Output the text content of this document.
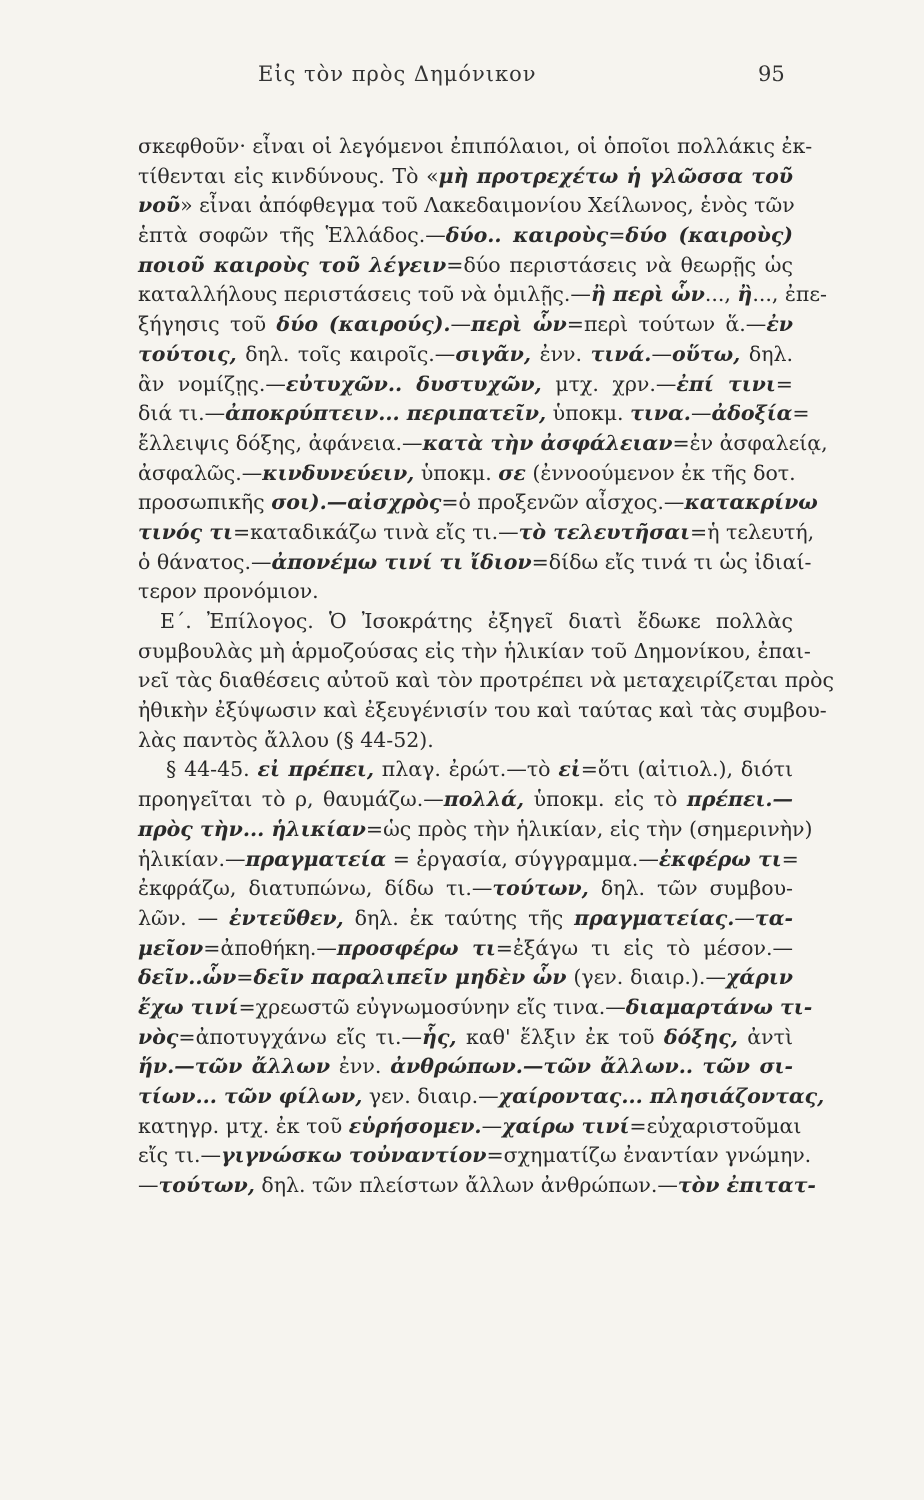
Εἰς τὸν πρὸς Δημόνικον	95
σκεφθοῦν· εἶναι οἱ λεγόμενοι ἐπιπόλαιοι, οἱ ὁποῖοι πολλάκις ἐκ-
τίθενται εἰς κινδύνους. Τὸ «μὴ προτρεχέτω ἡ γλῶσσα τοῦ
νοῦ» εἶναι ἀπόφθεγμα τοῦ Λακεδαιμονίου Χείλωνος, ἑνὸς τῶν
ἑπτὰ σοφῶν τῆς Ἑλλάδος.—δύο.. καιροὺς=δύο (καιροὺς)
ποιοῦ καιροὺς τοῦ λέγειν=δύο περιστάσεις νὰ θεωρῇς ὡς
καταλλήλους περιστάσεις τοῦ νὰ ὁμιλῇς.—ἢ περὶ ὧν..., ἢ..., ἐπε-
ξήγησις τοῦ δύο (καιρούς).—περὶ ὧν=περὶ τούτων ἅ.—ἐν
τούτοις, δηλ. τοῖς καιροῖς.—σιγᾶν, ἐνν. τινά.—οὕτω, δηλ.
ἂν νομίζῃς.—εὐτυχῶν.. δυστυχῶν, μτχ. χρν.—ἐπί τινι=
διά τι.—ἀποκρύπτειν... περιπατεῖν, ὑποκμ. τινα.—ἀδοξία=
ἔλλειψις δόξης, ἀφάνεια.—κατὰ τὴν ἀσφάλειαν=ἐν ἀσφαλείᾳ,
ἀσφαλῶς.—κινδυνεύειν, ὑποκμ. σε (ἐννοούμενον ἐκ τῆς δοτ.
προσωπικῆς σοι).—αἰσχρὸς=ὁ προξενῶν αἶσχος.—κατακρίνω
τινός τι=καταδικάζω τινὰ εἴς τι.—τὸ τελευτῆσαι=ἡ τελευτή,
ὁ θάνατος.—ἀπονέμω τινί τι ἴδιον=δίδω εἴς τινά τι ὡς ἰδιαί-
τερον προνόμιον.
Ε΄. Ἐπίλογος. Ὁ Ἰσοκράτης ἐξηγεῖ διατὶ ἔδωκε πολλὰς
συμβουλὰς μὴ ἁρμοζούσας εἰς τὴν ἡλικίαν τοῦ Δημονίκου, ἐπαι-
νεῖ τὰς διαθέσεις αὐτοῦ καὶ τὸν προτρέπει νὰ μεταχειρίζεται πρὸς
ἠθικὴν ἐξύψωσιν καὶ ἐξευγένισίν του καὶ ταύτας καὶ τὰς συμβου-
λὰς παντὸς ἄλλου (§ 44-52).
§ 44-45. εἰ πρέπει, πλαγ. ἐρώτ.—τὸ εἰ=ὅτι (αἰτιολ.), διότι
προηγεῖται τὸ ρ, θαυμάζω.—πολλά, ὑποκμ. εἰς τὸ πρέπει.—
πρὸς τὴν... ἡλικίαν=ὡς πρὸς τὴν ἡλικίαν, εἰς τὴν (σημερινὴν)
ἡλικίαν.—πραγματεία = ἐργασία, σύγγραμμα.—ἐκφέρω τι=
ἐκφράζω, διατυπώνω, δίδω τι.—τούτων, δηλ. τῶν συμβου-
λῶν. — ἐντεῦθεν, δηλ. ἐκ ταύτης τῆς πραγματείας.—τα-
μεῖον=ἀποθήκη.—προσφέρω τι=ἐξάγω τι εἰς τὸ μέσον.—
δεῖν..ὧν=δεῖν παραλιπεῖν μηδὲν ὧν (γεν. διαιρ.).—χάριν
ἔχω τινί=χρεωστῶ εὐγνωμοσύνην εἴς τινα.—διαμαρτάνω τι-
νὸς=ἀποτυγχάνω εἴς τι.—ἧς, καθ' ἕλξιν ἐκ τοῦ δόξης, ἀντὶ
ἥν.—τῶν ἄλλων ἐνν. ἀνθρώπων.—τῶν ἄλλων.. τῶν σι-
τίων... τῶν φίλων, γεν. διαιρ.—χαίροντας... πλησιάζοντας,
κατηγρ. μτχ. ἐκ τοῦ εὑρήσομεν.—χαίρω τινί=εὐχαριστοῦμαι
εἴς τι.—γιγνώσκω τοὐναντίον=σχηματίζω ἐναντίαν γνώμην.
—τούτων, δηλ. τῶν πλείστων ἄλλων ἀνθρώπων.—τὸν ἐπιτατ-
